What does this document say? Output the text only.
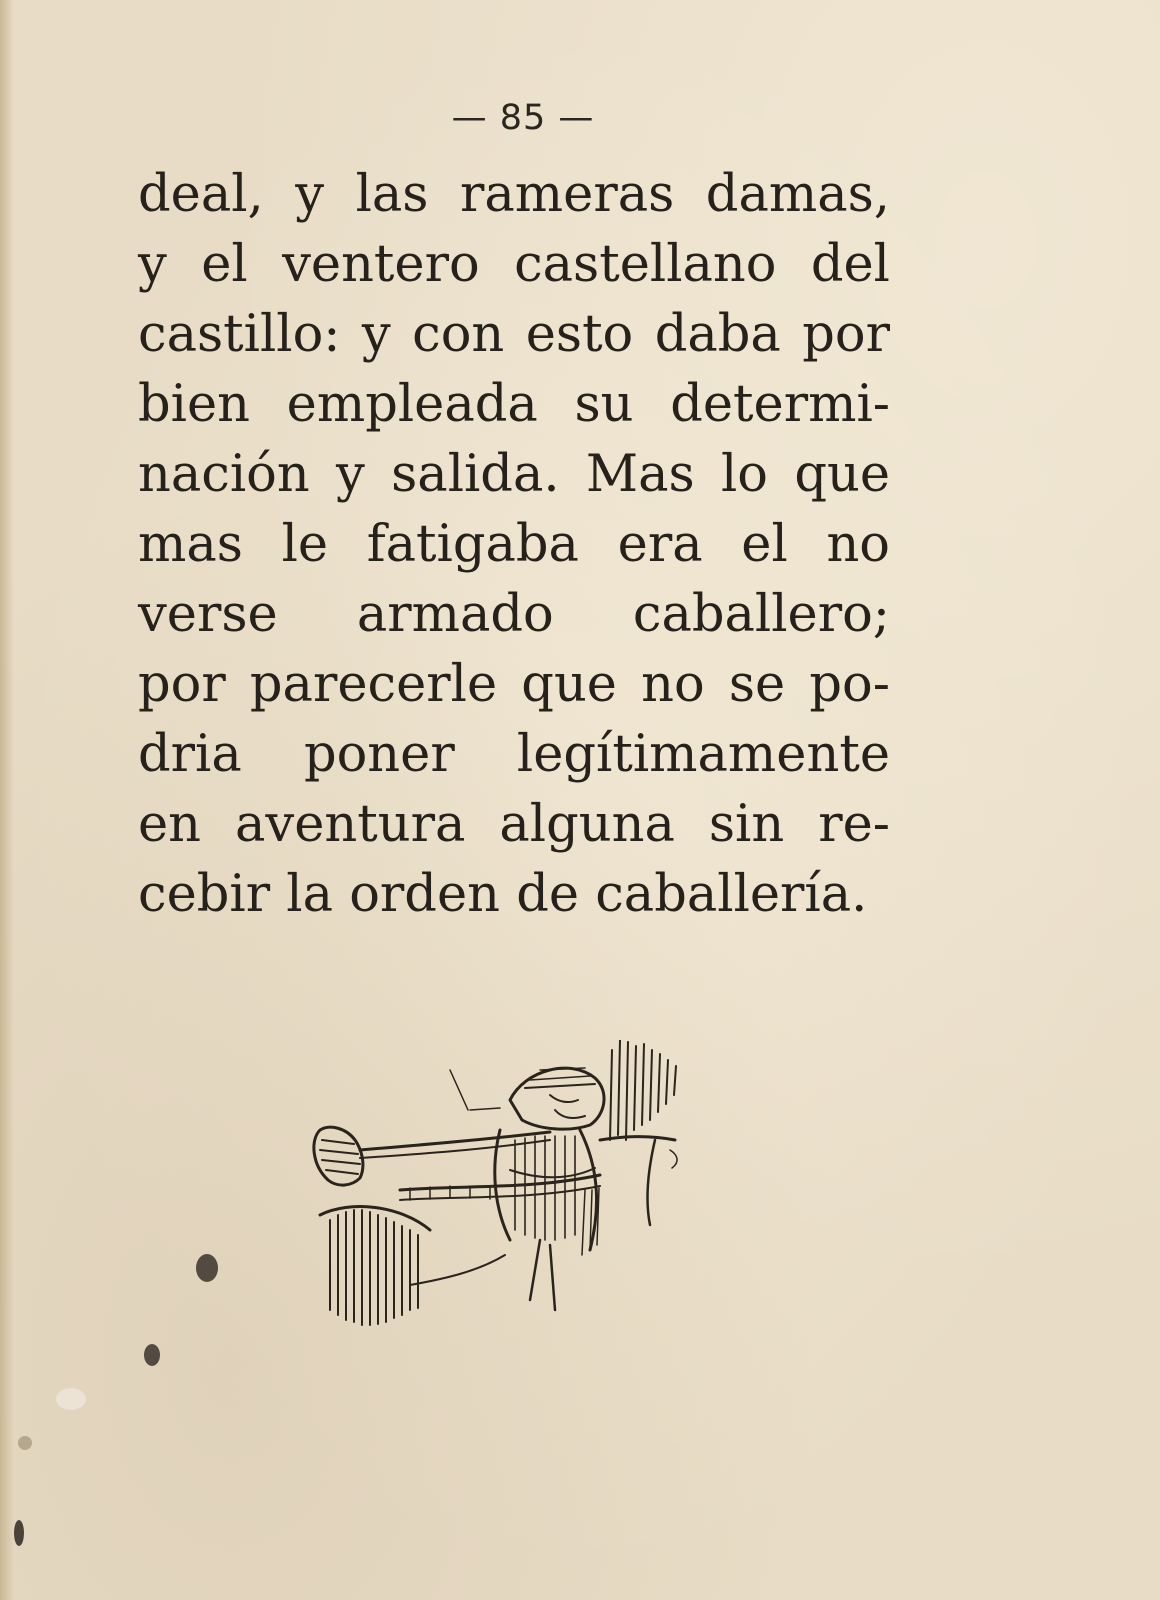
— 85 —
deal, y las rameras damas,
y el ventero castellano del
castillo: y con esto daba por
bien empleada su determi-
nación y salida. Mas lo que
mas le fatigaba era el no
verse armado caballero;
por parecerle que no se po-
dria poner legítimamente
en aventura alguna sin re-
cebir la orden de caballería.
